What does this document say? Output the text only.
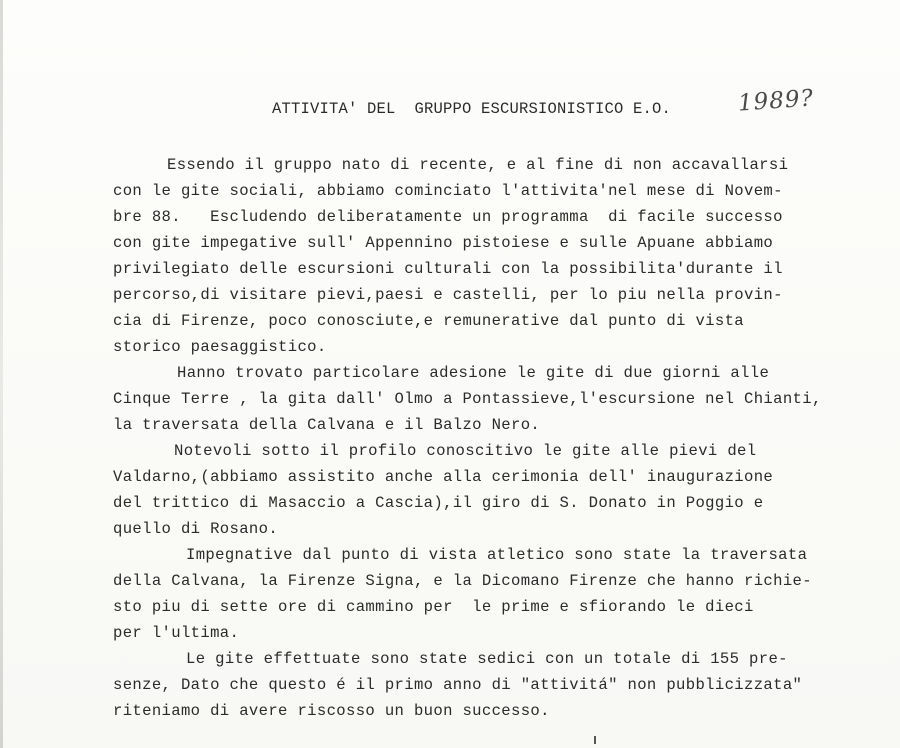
ATTIVITA' DEL  GRUPPO ESCURSIONISTICO E.O.	1989?
Essendo il gruppo nato di recente, e al fine di non accavallarsi
con le gite sociali, abbiamo cominciato l'attivita'nel mese di Novem-
bre 88.   Escludendo deliberatamente un programma  di facile successo
con gite impegative sull' Appennino pistoiese e sulle Apuane abbiamo
privilegiato delle escursioni culturali con la possibilita'durante il
percorso,di visitare pievi,paesi e castelli, per lo piu nella provin-
cia di Firenze, poco conosciute,e remunerative dal punto di vista
storico paesaggistico.
Hanno trovato particolare adesione le gite di due giorni alle
Cinque Terre , la gita dall' Olmo a Pontassieve,l'escursione nel Chianti,
la traversata della Calvana e il Balzo Nero.
Notevoli sotto il profilo conoscitivo le gite alle pievi del
Valdarno,(abbiamo assistito anche alla cerimonia dell' inaugurazione
del trittico di Masaccio a Cascia),il giro di S. Donato in Poggio e
quello di Rosano.
Impegnative dal punto di vista atletico sono state la traversata
della Calvana, la Firenze Signa, e la Dicomano Firenze che hanno richie-
sto piu di sette ore di cammino per  le prime e sfiorando le dieci
per l'ultima.
Le gite effettuate sono state sedici con un totale di 155 pre-
senze, Dato che questo é il primo anno di "attivitá" non pubblicizzata"
riteniamo di avere riscosso un buon successo.
